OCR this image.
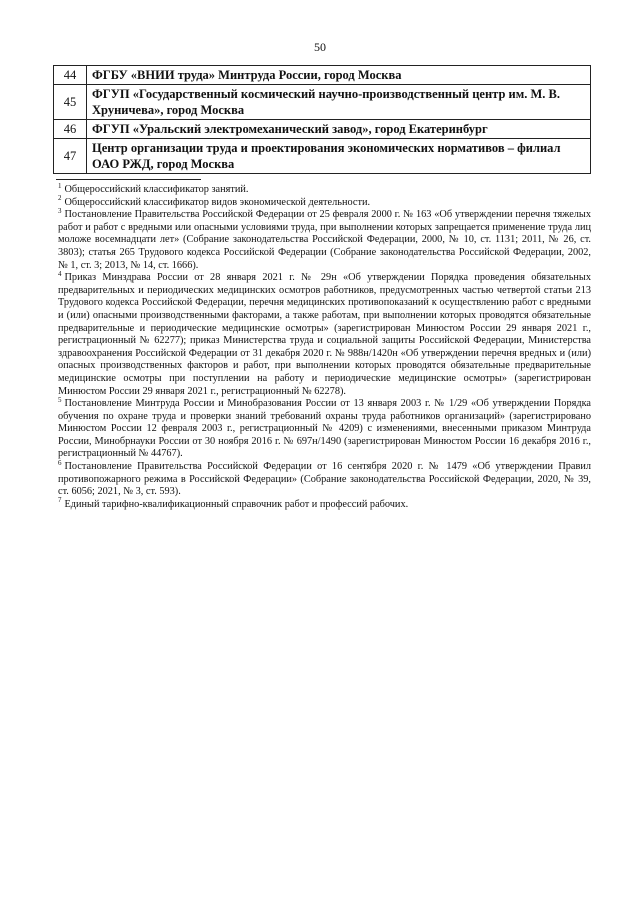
50
44	ФГБУ «ВНИИ труда» Минтруда России, город Москва
45	ФГУП «Государственный космический научно-производственный центр им. М. В. Хруничева», город Москва
46	ФГУП «Уральский электромеханический завод», город Екатеринбург
47	Центр организации труда и проектирования экономических нормативов – филиал ОАО РЖД, город Москва

$^1$ Общероссийский классификатор занятий.

$^2$ Общероссийский классификатор видов экономической деятельности.

$^3$ Постановление Правительства Российской Федерации от 25 февраля 2000 г. № 163 «Об утверждении перечня тяжелых работ и работ с вредными или опасными условиями труда, при выполнении которых запрещается применение труда лиц моложе восемнадцати лет» (Собрание законодательства Российской Федерации, 2000, № 10, ст. 1131; 2011, № 26, ст. 3803); статья 265 Трудового кодекса Российской Федерации (Собрание законодательства Российской Федерации, 2002, № 1, ст. 3; 2013, № 14, ст. 1666).

$^4$ Приказ Минздрава России от 28 января 2021 г. № 29н «Об утверждении Порядка проведения обязательных предварительных и периодических медицинских осмотров работников, предусмотренных частью четвертой статьи 213 Трудового кодекса Российской Федерации, перечня медицинских противопоказаний к осуществлению работ с вредными и (или) опасными производственными факторами, а также работам, при выполнении которых проводятся обязательные предварительные и периодические медицинские осмотры» (зарегистрирован Минюстом России 29 января 2021 г., регистрационный № 62277); приказ Министерства труда и социальной защиты Российской Федерации, Министерства здравоохранения Российской Федерации от 31 декабря 2020 г. № 988н/1420н «Об утверждении перечня вредных и (или) опасных производственных факторов и работ, при выполнении которых проводятся обязательные предварительные медицинские осмотры при поступлении на работу и периодические медицинские осмотры» (зарегистрирован Минюстом России 29 января 2021 г., регистрационный № 62278).

$^5$ Постановление Минтруда России и Минобразования России от 13 января 2003 г. № 1/29 «Об утверждении Порядка обучения по охране труда и проверки знаний требований охраны труда работников организаций» (зарегистрировано Минюстом России 12 февраля 2003 г., регистрационный № 4209) с изменениями, внесенными приказом Минтруда России, Минобрнауки России от 30 ноября 2016 г. № 697н/1490 (зарегистрирован Минюстом России 16 декабря 2016 г., регистрационный № 44767).

$^6$ Постановление Правительства Российской Федерации от 16 сентября 2020 г. № 1479 «Об утверждении Правил противопожарного режима в Российской Федерации» (Собрание законодательства Российской Федерации, 2020, № 39, ст. 6056; 2021, № 3, ст. 593).

$^7$ Единый тарифно-квалификационный справочник работ и профессий рабочих.
